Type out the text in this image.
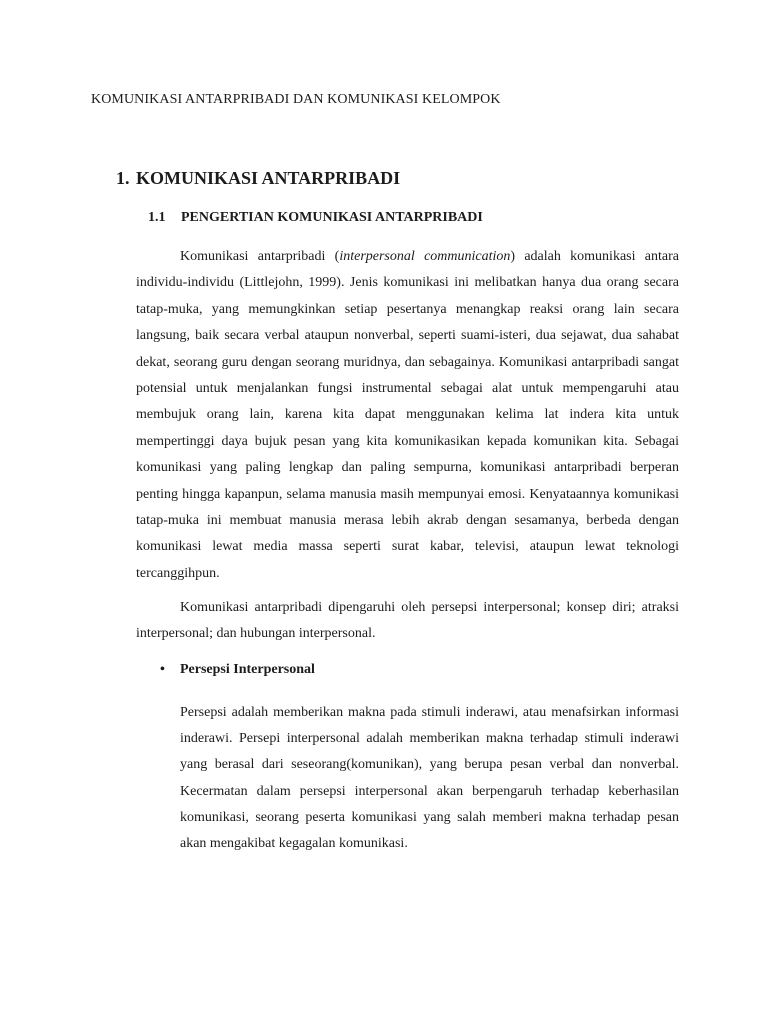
KOMUNIKASI ANTARPRIBADI DAN KOMUNIKASI KELOMPOK
1. KOMUNIKASI ANTARPRIBADI
1.1 PENGERTIAN KOMUNIKASI ANTARPRIBADI

Komunikasi antarpribadi (interpersonal communication) adalah komunikasi antara individu-individu (Littlejohn, 1999). Jenis komunikasi ini melibatkan hanya dua orang secara tatap-muka, yang memungkinkan setiap pesertanya menangkap reaksi orang lain secara langsung, baik secara verbal ataupun nonverbal, seperti suami-isteri, dua sejawat, dua sahabat dekat, seorang guru dengan seorang muridnya, dan sebagainya. Komunikasi antarpribadi sangat potensial untuk menjalankan fungsi instrumental sebagai alat untuk mempengaruhi atau membujuk orang lain, karena kita dapat menggunakan kelima lat indera kita untuk mempertinggi daya bujuk pesan yang kita komunikasikan kepada komunikan kita. Sebagai komunikasi yang paling lengkap dan paling sempurna, komunikasi antarpribadi berperan penting hingga kapanpun, selama manusia masih mempunyai emosi. Kenyataannya komunikasi tatap-muka ini membuat manusia merasa lebih akrab dengan sesamanya, berbeda dengan komunikasi lewat media massa seperti surat kabar, televisi, ataupun lewat teknologi tercanggihpun.

Komunikasi antarpribadi dipengaruhi oleh persepsi interpersonal; konsep diri; atraksi interpersonal; dan hubungan interpersonal.

• Persepsi Interpersonal

Persepsi adalah memberikan makna pada stimuli inderawi, atau menafsirkan informasi inderawi. Persepi interpersonal adalah memberikan makna terhadap stimuli inderawi yang berasal dari seseorang(komunikan), yang berupa pesan verbal dan nonverbal. Kecermatan dalam persepsi interpersonal akan berpengaruh terhadap keberhasilan komunikasi, seorang peserta komunikasi yang salah memberi makna terhadap pesan akan mengakibat kegagalan komunikasi.
